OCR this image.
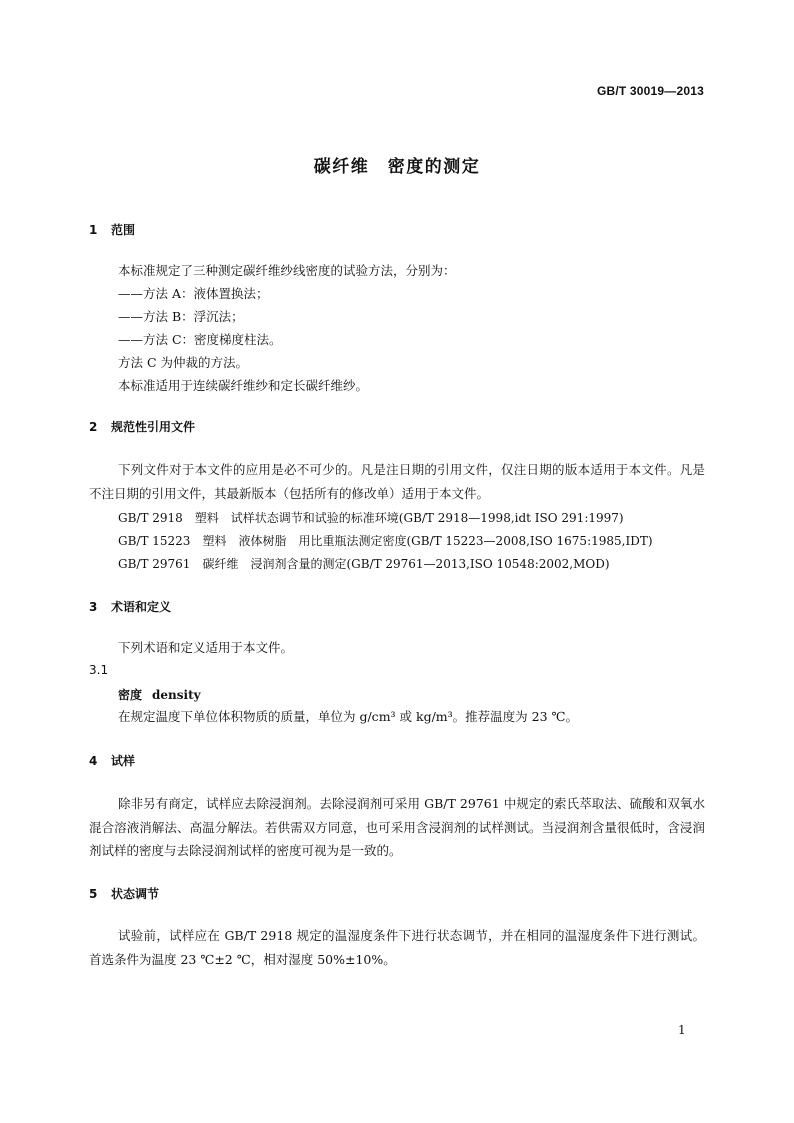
GB/T 30019—2013
碳纤维　密度的测定
1 范围
本标准规定了三种测定碳纤维纱线密度的试验方法，分别为：
——方法 A：液体置换法；
——方法 B：浮沉法；
——方法 C：密度梯度柱法。
方法 C 为仲裁的方法。
本标准适用于连续碳纤维纱和定长碳纤维纱。
2 规范性引用文件
下列文件对于本文件的应用是必不可少的。凡是注日期的引用文件，仅注日期的版本适用于本文件。凡是不注日期的引用文件，其最新版本（包括所有的修改单）适用于本文件。
GB/T 2918　塑料　试样状态调节和试验的标准环境(GB/T 2918—1998,idt ISO 291:1997)
GB/T 15223　塑料　液体树脂　用比重瓶法测定密度(GB/T 15223—2008,ISO 1675:1985,IDT)
GB/T 29761　碳纤维　浸润剂含量的测定(GB/T 29761—2013,ISO 10548:2002,MOD)
3 术语和定义
下列术语和定义适用于本文件。
3.1
密度 density
在规定温度下单位体积物质的质量，单位为 g/cm³ 或 kg/m³。推荐温度为 23 ℃。
4 试样
除非另有商定，试样应去除浸润剂。去除浸润剂可采用 GB/T 29761 中规定的索氏萃取法、硫酸和双氧水混合溶液消解法、高温分解法。若供需双方同意，也可采用含浸润剂的试样测试。当浸润剂含量很低时，含浸润剂试样的密度与去除浸润剂试样的密度可视为是一致的。
5 状态调节
试验前，试样应在 GB/T 2918 规定的温湿度条件下进行状态调节，并在相同的温湿度条件下进行测试。首选条件为温度 23 ℃±2 ℃，相对湿度 50%±10%。
1
